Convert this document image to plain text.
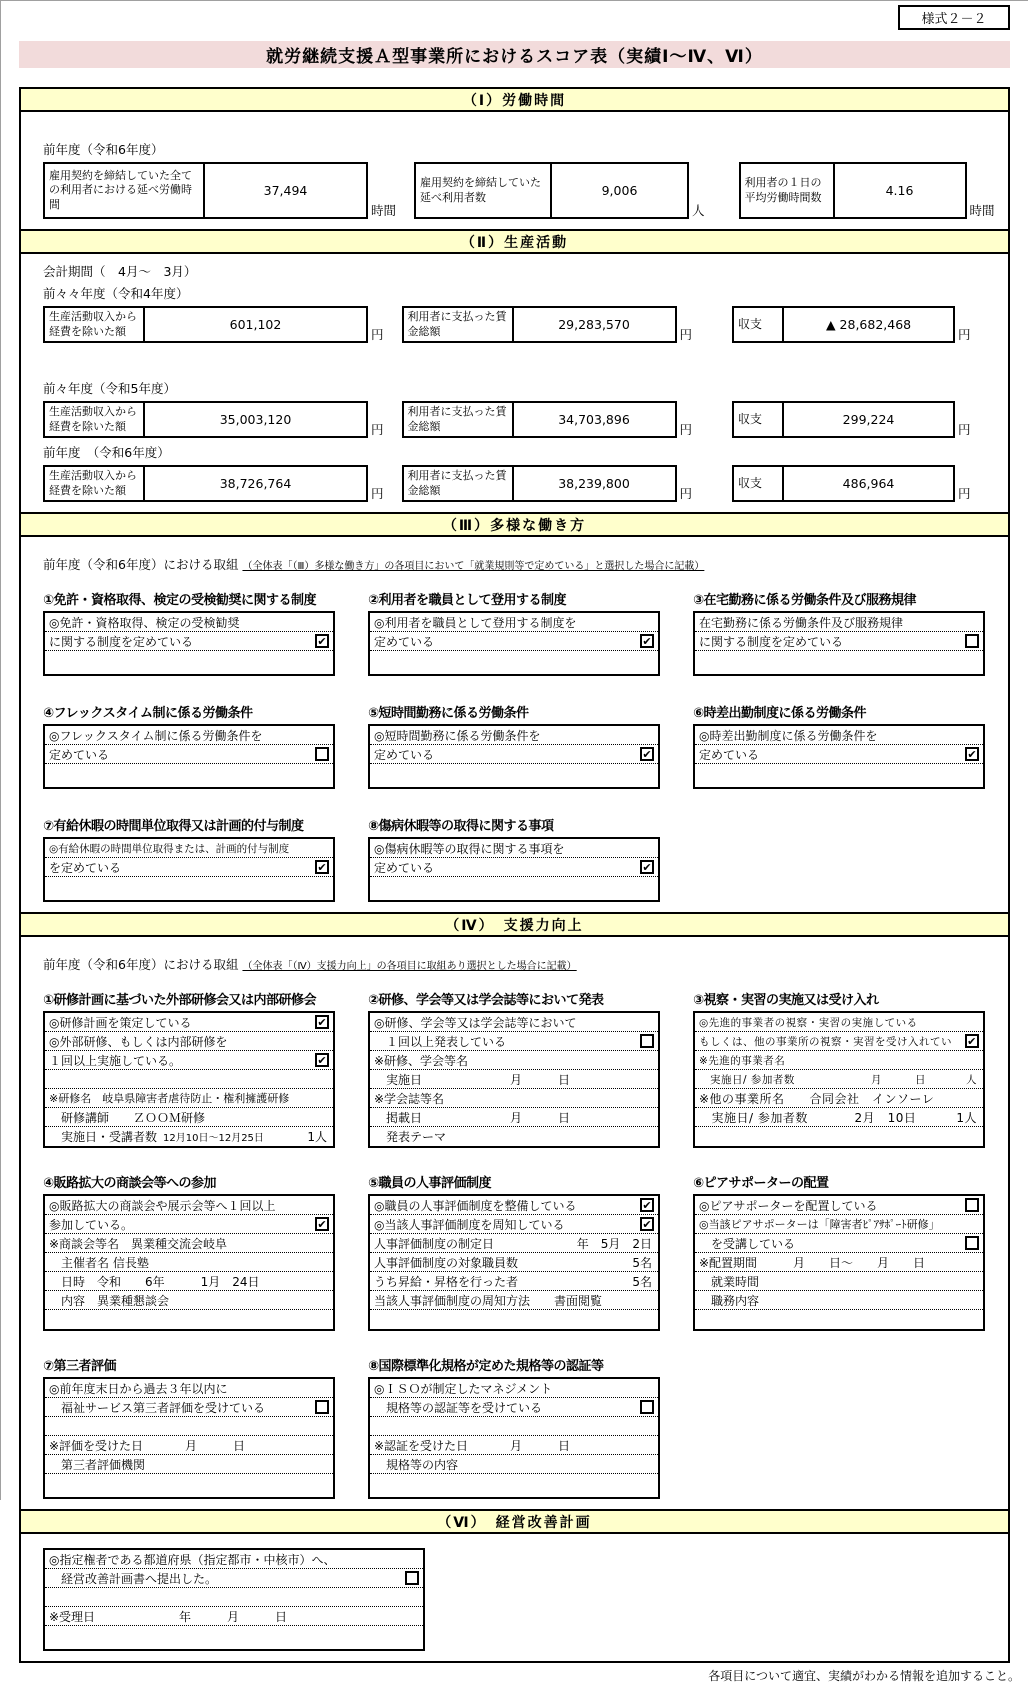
様式２－２
就労継続支援Ａ型事業所におけるスコア表（実績Ⅰ～Ⅳ、Ⅵ）
（Ⅰ）労働時間
前年度（令和6年度）
雇用契約を締結していた全ての利用者における延べ労働時間
37,494
時間
雇用契約を締結していた延べ利用者数	9,006
人
利用者の１日の平均労働時間数	4.16
時間
（Ⅱ）生産活動
会計期間（　4月～　3月）
前々々年度（令和4年度）
生産活動収入から経費を除いた額	601,102
円
利用者に支払った賃金総額	29,283,570
円
収支	▲ 28,682,468
円
前々年度（令和5年度）
生産活動収入から経費を除いた額	35,003,120
円
利用者に支払った賃金総額	34,703,896
円
収支	299,224
円
前年度　（令和6年度）
生産活動収入から経費を除いた額	38,726,764
円
利用者に支払った賃金総額	38,239,800
円
収支	486,964
円
（Ⅲ）多様な働き方
前年度（令和6年度）における取組 （全体表「（Ⅲ）多様な働き方」の各項目において「就業規則等で定めている」と選択した場合に記載）
①免許・資格取得、検定の受検勧奨に関する制度
◎免許・資格取得、検定の受検勧奨
に関する制度を定めている	✔
②利用者を職員として登用する制度
◎利用者を職員として登用する制度を
定めている	✔
③在宅勤務に係る労働条件及び服務規律
在宅勤務に係る労働条件及び服務規律
に関する制度を定めている
④フレックスタイム制に係る労働条件
◎フレックスタイム制に係る労働条件を
定めている
⑤短時間勤務に係る労働条件
◎短時間勤務に係る労働条件を
定めている	✔
⑥時差出勤制度に係る労働条件
◎時差出勤制度に係る労働条件を
定めている	✔
⑦有給休暇の時間単位取得又は計画的付与制度
◎有給休暇の時間単位取得または、計画的付与制度
を定めている	✔
⑧傷病休暇等の取得に関する事項
◎傷病休暇等の取得に関する事項を
定めている	✔
（Ⅳ）　支援力向上
前年度（令和6年度）における取組 （全体表「（Ⅳ）支援力向上」の各項目に取組あり選択とした場合に記載）
①研修計画に基づいた外部研修会又は内部研修会
◎研修計画を策定している	✔
◎外部研修、もしくは内部研修を
１回以上実施している。	✔
※研修名　岐阜県障害者虐待防止・権利擁護研修
　研修講師　　ＺＯＯＭ研修
　実施日・受講者数 12月10日～12月25日	1人
②研修、学会等又は学会誌等において発表
◎研修、学会等又は学会誌等において
　１回以上発表している
※研修、学会等名
　実施日	月　　　日
※学会誌等名
　掲載日	月　　　日
　発表テーマ
③視察・実習の実施又は受け入れ
◎先進的事業者の視察・実習の実施している
もしくは、他の事業所の視察・実習を受け入れてい ✔
※先進的事業者名
　実施日/ 参加者数	月　　　日	人
※他の事業所名　　合同会社　インソーレ
　実施日/ 参加者数	2月　10日	1人
④販路拡大の商談会等への参加
◎販路拡大の商談会や展示会等へ１回以上
参加している。	✔
※商談会等名　異業種交流会岐阜
　主催者名 信長塾
　日時　令和　　6年　　　1月　24日
　内容　異業種懇談会
⑤職員の人事評価制度
◎職員の人事評価制度を整備している	✔
◎当該人事評価制度を周知している	✔
人事評価制度の制定日	年　5月　2日
人事評価制度の対象職員数	5名
うち昇給・昇格を行った者	5名
当該人事評価制度の周知方法　　書面閲覧
⑥ピアサポーターの配置
◎ピアサポーターを配置している
◎当該ピアサポーターは「障害者ﾋﾟｱｻﾎﾟｰﾄ研修」
　を受講している
※配置期間　　　月　　日～　　月　　日
　就業時間
　職務内容
⑦第三者評価
◎前年度末日から過去３年以内に
　福祉サービス第三者評価を受けている
※評価を受けた日	月　　　日
　第三者評価機関
⑧国際標準化規格が定めた規格等の認証等
◎ＩＳＯが制定したマネジメント
　規格等の認証等を受けている
※認証を受けた日	月　　　日
　規格等の内容
（Ⅵ）　経営改善計画
◎指定権者である都道府県（指定都市・中核市）へ、
　経営改善計画書へ提出した。
※受理日　　　　　　　年　　　月　　　日
各項目について適宜、実績がわかる情報を追加すること。
